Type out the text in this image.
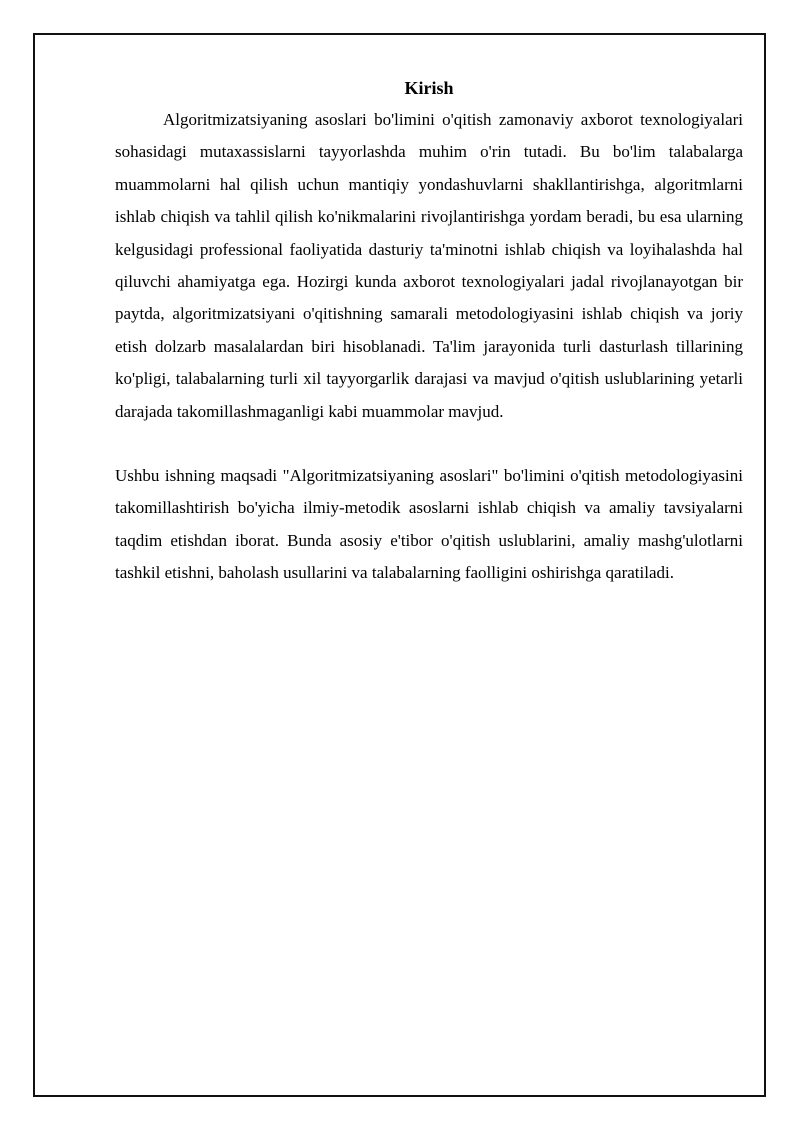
Kirish

Algoritmizatsiyaning asoslari bo'limini o'qitish zamonaviy axborot texnologiyalari sohasidagi mutaxassislarni tayyorlashda muhim o'rin tutadi. Bu bo'lim talabalarga muammolarni hal qilish uchun mantiqiy yondashuvlarni shakllantirishga, algoritmlarni ishlab chiqish va tahlil qilish ko'nikmalarini rivojlantirishga yordam beradi, bu esa ularning kelgusidagi professional faoliyatida dasturiy ta'minotni ishlab chiqish va loyihalashda hal qiluvchi ahamiyatga ega. Hozirgi kunda axborot texnologiyalari jadal rivojlanayotgan bir paytda, algoritmizatsiyani o'qitishning samarali metodologiyasini ishlab chiqish va joriy etish dolzarb masalalardan biri hisoblanadi. Ta'lim jarayonida turli dasturlash tillarining ko'pligi, talabalarning turli xil tayyorgarlik darajasi va mavjud o'qitish uslublarining yetarli darajada takomillashmaganligi kabi muammolar mavjud.

Ushbu ishning maqsadi "Algoritmizatsiyaning asoslari" bo'limini o'qitish metodologiyasini takomillashtirish bo'yicha ilmiy-metodik asoslarni ishlab chiqish va amaliy tavsiyalarni taqdim etishdan iborat. Bunda asosiy e'tibor o'qitish uslublarini, amaliy mashg'ulotlarni tashkil etishni, baholash usullarini va talabalarning faolligini oshirishga qaratiladi.
